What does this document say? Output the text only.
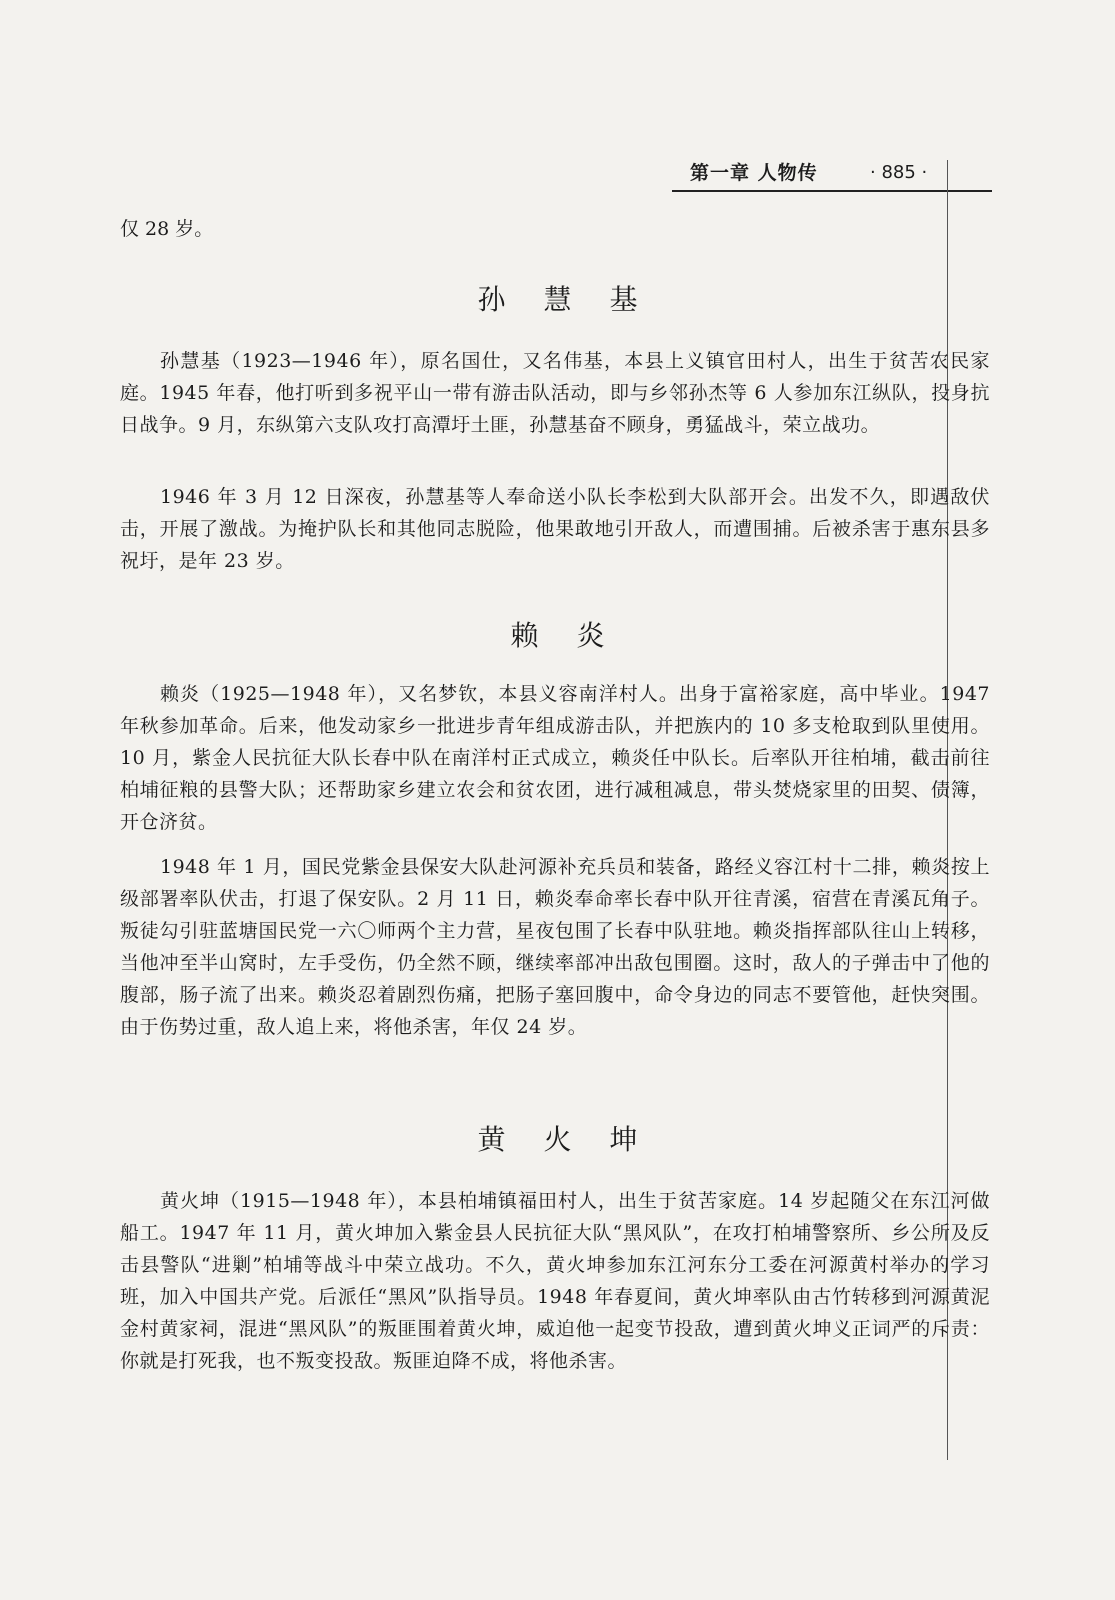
第一章 人物传	· 885 ·
仅 28 岁。
孙慧基

孙慧基（1923—1946 年），原名国仕，又名伟基，本县上义镇官田村人，出生于贫苦农民家庭。1945 年春，他打听到多祝平山一带有游击队活动，即与乡邻孙杰等 6 人参加东江纵队，投身抗日战争。9 月，东纵第六支队攻打高潭圩土匪，孙慧基奋不顾身，勇猛战斗，荣立战功。

1946 年 3 月 12 日深夜，孙慧基等人奉命送小队长李松到大队部开会。出发不久，即遇敌伏击，开展了激战。为掩护队长和其他同志脱险，他果敢地引开敌人，而遭围捕。后被杀害于惠东县多祝圩，是年 23 岁。

赖炎

赖炎（1925—1948 年），又名梦钦，本县义容南洋村人。出身于富裕家庭，高中毕业。1947 年秋参加革命。后来，他发动家乡一批进步青年组成游击队，并把族内的 10 多支枪取到队里使用。10 月，紫金人民抗征大队长春中队在南洋村正式成立，赖炎任中队长。后率队开往柏埔，截击前往柏埔征粮的县警大队；还帮助家乡建立农会和贫农团，进行减租减息，带头焚烧家里的田契、债簿，开仓济贫。

1948 年 1 月，国民党紫金县保安大队赴河源补充兵员和装备，路经义容江村十二排，赖炎按上级部署率队伏击，打退了保安队。2 月 11 日，赖炎奉命率长春中队开往青溪，宿营在青溪瓦角子。叛徒勾引驻蓝塘国民党一六〇师两个主力营，星夜包围了长春中队驻地。赖炎指挥部队往山上转移，当他冲至半山窝时，左手受伤，仍全然不顾，继续率部冲出敌包围圈。这时，敌人的子弹击中了他的腹部，肠子流了出来。赖炎忍着剧烈伤痛，把肠子塞回腹中，命令身边的同志不要管他，赶快突围。由于伤势过重，敌人追上来，将他杀害，年仅 24 岁。

黄火坤

黄火坤（1915—1948 年），本县柏埔镇福田村人，出生于贫苦家庭。14 岁起随父在东江河做船工。1947 年 11 月，黄火坤加入紫金县人民抗征大队“黑风队”，在攻打柏埔警察所、乡公所及反击县警队“进剿”柏埔等战斗中荣立战功。不久，黄火坤参加东江河东分工委在河源黄村举办的学习班，加入中国共产党。后派任“黑风”队指导员。1948 年春夏间，黄火坤率队由古竹转移到河源黄泥金村黄家祠，混进“黑风队”的叛匪围着黄火坤，威迫他一起变节投敌，遭到黄火坤义正词严的斥责：你就是打死我，也不叛变投敌。叛匪迫降不成，将他杀害。
